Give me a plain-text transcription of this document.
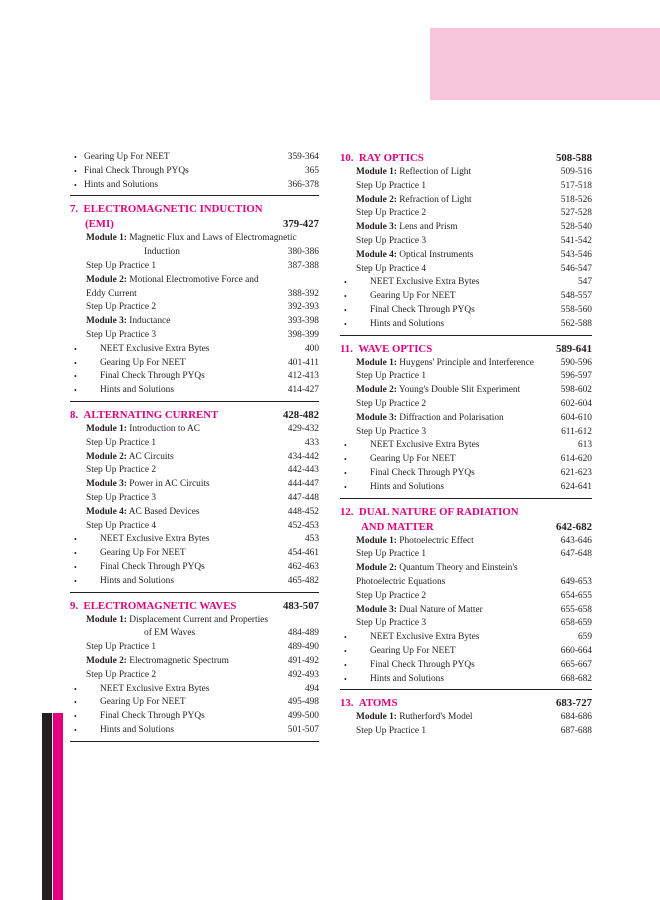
• Gearing Up For NEET	359-364
• Final Check Through PYQs	365
• Hints and Solutions	366-378
7. ELECTROMAGNETIC INDUCTION
(EMI)	379-427
Module 1: Magnetic Flux and Laws of Electromagnetic
Induction	380-386
Step Up Practice 1	387-388
Module 2: Motional Electromotive Force and
Eddy Current	388-392
Step Up Practice 2	392-393
Module 3: Inductance	393-398
Step Up Practice 3	398-399
• NEET Exclusive Extra Bytes	400
• Gearing Up For NEET	401-411
• Final Check Through PYQs	412-413
• Hints and Solutions	414-427
8. ALTERNATING CURRENT	428-482
Module 1: Introduction to AC	429-432
Step Up Practice 1	433
Module 2: AC Circuits	434-442
Step Up Practice 2	442-443
Module 3: Power in AC Circuits	444-447
Step Up Practice 3	447-448
Module 4: AC Based Devices	448-452
Step Up Practice 4	452-453
• NEET Exclusive Extra Bytes	453
• Gearing Up For NEET	454-461
• Final Check Through PYQs	462-463
• Hints and Solutions	465-482
9. ELECTROMAGNETIC WAVES	483-507
Module 1: Displacement Current and Properties
of EM Waves	484-489
Step Up Practice 1	489-490
Module 2: Electromagnetic Spectrum	491-492
Step Up Practice 2	492-493
• NEET Exclusive Extra Bytes	494
• Gearing Up For NEET	495-498
• Final Check Through PYQs	499-500
• Hints and Solutions	501-507
10. RAY OPTICS	508-588
Module 1: Reflection of Light	509-516
Step Up Practice 1	517-518
Module 2: Refraction of Light	518-526
Step Up Practice 2	527-528
Module 3: Lens and Prism	528-540
Step Up Practice 3	541-542
Module 4: Optical Instruments	543-546
Step Up Practice 4	546-547
• NEET Exclusive Extra Bytes	547
• Gearing Up For NEET	548-557
• Final Check Through PYQs	558-560
• Hints and Solutions	562-588
11. WAVE OPTICS	589-641
Module 1: Huygens' Principle and Interference	590-596
Step Up Practice 1	596-597
Module 2: Young's Double Slit Experiment	598-602
Step Up Practice 2	602-604
Module 3: Diffraction and Polarisation	604-610
Step Up Practice 3	611-612
• NEET Exclusive Extra Bytes	613
• Gearing Up For NEET	614-620
• Final Check Through PYQs	621-623
• Hints and Solutions	624-641
12. DUAL NATURE OF RADIATION
AND MATTER	642-682
Module 1: Photoelectric Effect	643-646
Step Up Practice 1	647-648
Module 2: Quantum Theory and Einstein's
Photoelectric Equations	649-653
Step Up Practice 2	654-655
Module 3: Dual Nature of Matter	655-658
Step Up Practice 3	658-659
• NEET Exclusive Extra Bytes	659
• Gearing Up For NEET	660-664
• Final Check Through PYQs	665-667
• Hints and Solutions	668-682
13. ATOMS	683-727
Module 1: Rutherford's Model	684-686
Step Up Practice 1	687-688
